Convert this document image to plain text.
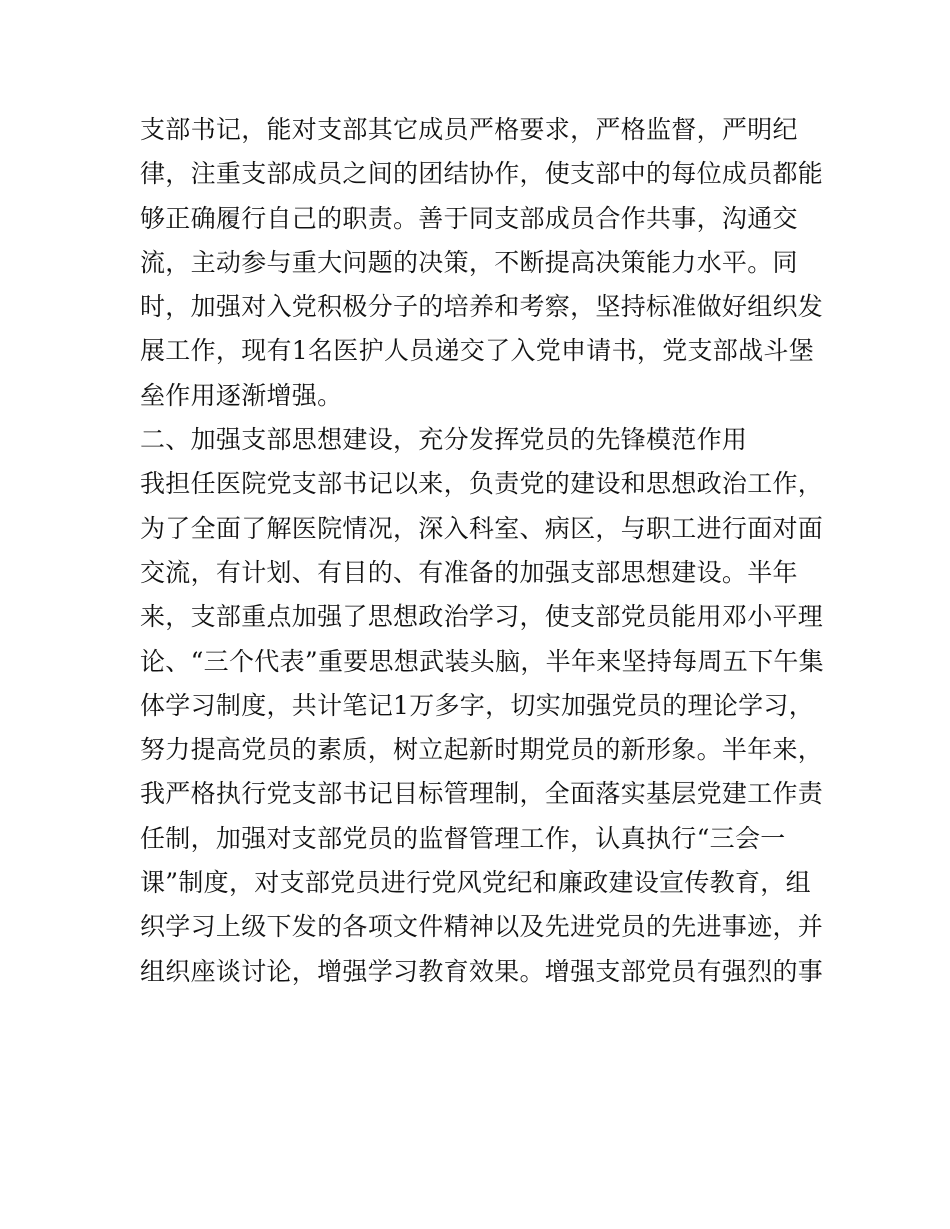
支部书记，能对支部其它成员严格要求，严格监督，严明纪
律，注重支部成员之间的团结协作，使支部中的每位成员都能
够正确履行自己的职责。善于同支部成员合作共事，沟通交
流，主动参与重大问题的决策，不断提高决策能力水平。同
时，加强对入党积极分子的培养和考察，坚持标准做好组织发
展工作，现有1名医护人员递交了入党申请书，党支部战斗堡
垒作用逐渐增强。
二、加强支部思想建设，充分发挥党员的先锋模范作用
我担任医院党支部书记以来，负责党的建设和思想政治工作，
为了全面了解医院情况，深入科室、病区，与职工进行面对面
交流，有计划、有目的、有准备的加强支部思想建设。半年
来，支部重点加强了思想政治学习，使支部党员能用邓小平理
论、“三个代表”重要思想武装头脑，半年来坚持每周五下午集
体学习制度，共计笔记1万多字，切实加强党员的理论学习，
努力提高党员的素质，树立起新时期党员的新形象。半年来，
我严格执行党支部书记目标管理制，全面落实基层党建工作责
任制，加强对支部党员的监督管理工作，认真执行“三会一
课”制度，对支部党员进行党风党纪和廉政建设宣传教育，组
织学习上级下发的各项文件精神以及先进党员的先进事迹，并
组织座谈讨论，增强学习教育效果。增强支部党员有强烈的事
